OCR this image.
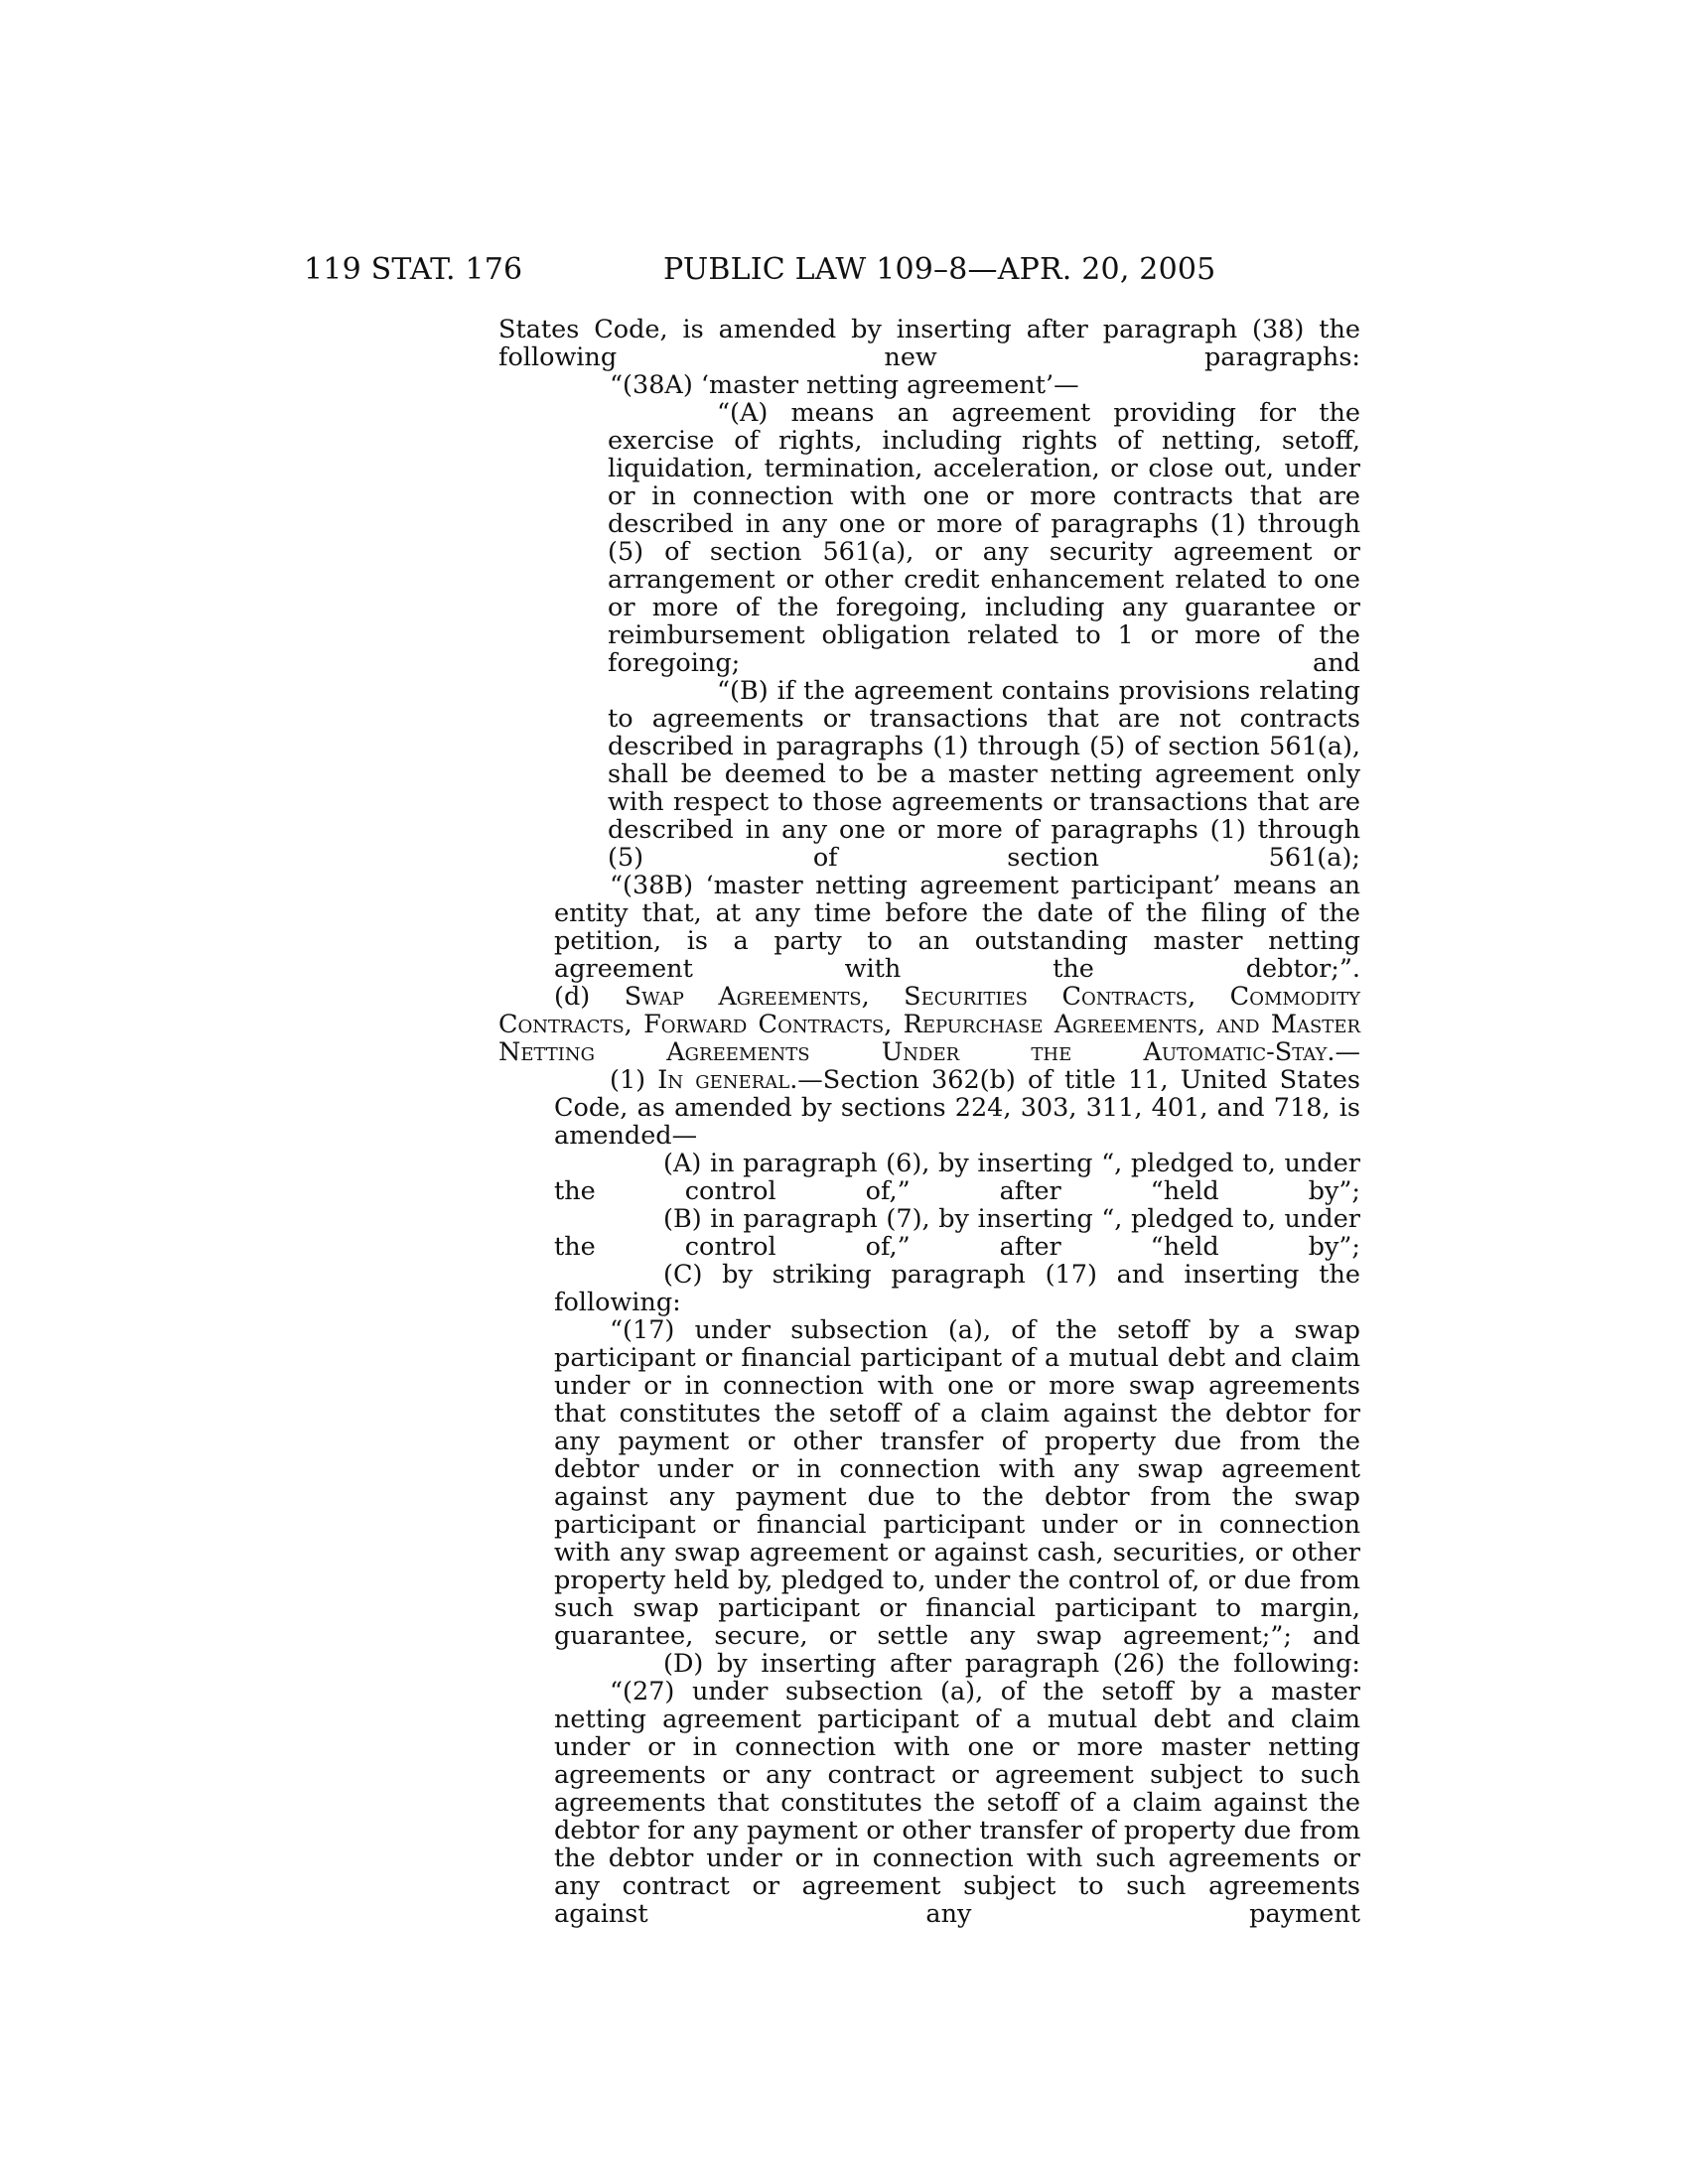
119 STAT. 176	PUBLIC LAW 109–8—APR. 20, 2005

States Code, is amended by inserting after paragraph (38) the following new paragraphs:

“(38A) ‘master netting agreement’—

“(A) means an agreement providing for the exercise of rights, including rights of netting, setoff, liquidation, termination, acceleration, or close out, under or in connection with one or more contracts that are described in any one or more of paragraphs (1) through (5) of section 561(a), or any security agreement or arrangement or other credit enhancement related to one or more of the foregoing, including any guarantee or reimbursement obligation related to 1 or more of the foregoing; and

“(B) if the agreement contains provisions relating to agreements or transactions that are not contracts described in paragraphs (1) through (5) of section 561(a), shall be deemed to be a master netting agreement only with respect to those agreements or transactions that are described in any one or more of paragraphs (1) through (5) of section 561(a);

“(38B) ‘master netting agreement participant’ means an entity that, at any time before the date of the filing of the petition, is a party to an outstanding master netting agreement with the debtor;”.

(d) Swap Agreements, Securities Contracts, Commodity Contracts, Forward Contracts, Repurchase Agreements, and Master Netting Agreements Under the Automatic-Stay.—

(1) In general.—Section 362(b) of title 11, United States Code, as amended by sections 224, 303, 311, 401, and 718, is amended—

(A) in paragraph (6), by inserting “, pledged to, under the control of,” after “held by”;

(B) in paragraph (7), by inserting “, pledged to, under the control of,” after “held by”;

(C) by striking paragraph (17) and inserting the following:

“(17) under subsection (a), of the setoff by a swap participant or financial participant of a mutual debt and claim under or in connection with one or more swap agreements that constitutes the setoff of a claim against the debtor for any payment or other transfer of property due from the debtor under or in connection with any swap agreement against any payment due to the debtor from the swap participant or financial participant under or in connection with any swap agreement or against cash, securities, or other property held by, pledged to, under the control of, or due from such swap participant or financial participant to margin, guarantee, secure, or settle any swap agreement;”; and

(D) by inserting after paragraph (26) the following:

“(27) under subsection (a), of the setoff by a master netting agreement participant of a mutual debt and claim under or in connection with one or more master netting agreements or any contract or agreement subject to such agreements that constitutes the setoff of a claim against the debtor for any payment or other transfer of property due from the debtor under or in connection with such agreements or any contract or agreement subject to such agreements against any payment
